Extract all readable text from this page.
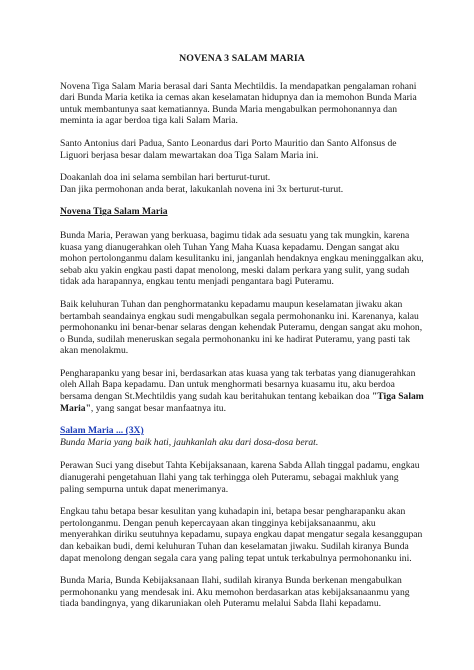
NOVENA 3 SALAM MARIA

Novena Tiga Salam Maria berasal dari Santa Mechtildis. Ia mendapatkan pengalaman rohani dari Bunda Maria ketika ia cemas akan keselamatan hidupnya dan ia memohon Bunda Maria untuk membantunya saat kematiannya. Bunda Maria mengabulkan permohonannya dan meminta ia agar berdoa tiga kali Salam Maria.

Santo Antonius dari Padua, Santo Leonardus dari Porto Mauritio dan Santo Alfonsus de Liguori berjasa besar dalam mewartakan doa Tiga Salam Maria ini.

Doakanlah doa ini selama sembilan hari berturut-turut.

Dan jika permohonan anda berat, lakukanlah novena ini 3x berturut-turut.

Novena Tiga Salam Maria

Bunda Maria, Perawan yang berkuasa, bagimu tidak ada sesuatu yang tak mungkin, karena kuasa yang dianugerahkan oleh Tuhan Yang Maha Kuasa kepadamu. Dengan sangat aku mohon pertolonganmu dalam kesulitanku ini, janganlah hendaknya engkau meninggalkan aku, sebab aku yakin engkau pasti dapat menolong, meski dalam perkara yang sulit, yang sudah tidak ada harapannya, engkau tentu menjadi pengantara bagi Puteramu.

Baik keluhuran Tuhan dan penghormatanku kepadamu maupun keselamatan jiwaku akan bertambah seandainya engkau sudi mengabulkan segala permohonanku ini. Karenanya, kalau permohonanku ini benar-benar selaras dengan kehendak Puteramu, dengan sangat aku mohon, o Bunda, sudilah meneruskan segala permohonanku ini ke hadirat Puteramu, yang pasti tak akan menolakmu.

Pengharapanku yang besar ini, berdasarkan atas kuasa yang tak terbatas yang dianugerahkan oleh Allah Bapa kepadamu. Dan untuk menghormati besarnya kuasamu itu, aku berdoa bersama dengan St.Mechtildis yang sudah kau beritahukan tentang kebaikan doa "Tiga Salam Maria", yang sangat besar manfaatnya itu.

Salam Maria ... (3X)
Bunda Maria yang baik hati, jauhkanlah aku dari dosa-dosa berat.

Perawan Suci yang disebut Tahta Kebijaksanaan, karena Sabda Allah tinggal padamu, engkau dianugerahi pengetahuan Ilahi yang tak terhingga oleh Puteramu, sebagai makhluk yang paling sempurna untuk dapat menerimanya.

Engkau tahu betapa besar kesulitan yang kuhadapin ini, betapa besar pengharapanku akan pertolonganmu. Dengan penuh kepercayaan akan tingginya kebijaksanaanmu, aku menyerahkan diriku seutuhnya kepadamu, supaya engkau dapat mengatur segala kesanggupan dan kebaikan budi, demi keluhuran Tuhan dan keselamatan jiwaku. Sudilah kiranya Bunda dapat menolong dengan segala cara yang paling tepat untuk terkabulnya permohonanku ini.

Bunda Maria, Bunda Kebijaksanaan Ilahi, sudilah kiranya Bunda berkenan mengabulkan permohonanku yang mendesak ini. Aku memohon berdasarkan atas kebijaksanaanmu yang tiada bandingnya, yang dikaruniakan oleh Puteramu melalui Sabda Ilahi kepadamu.
